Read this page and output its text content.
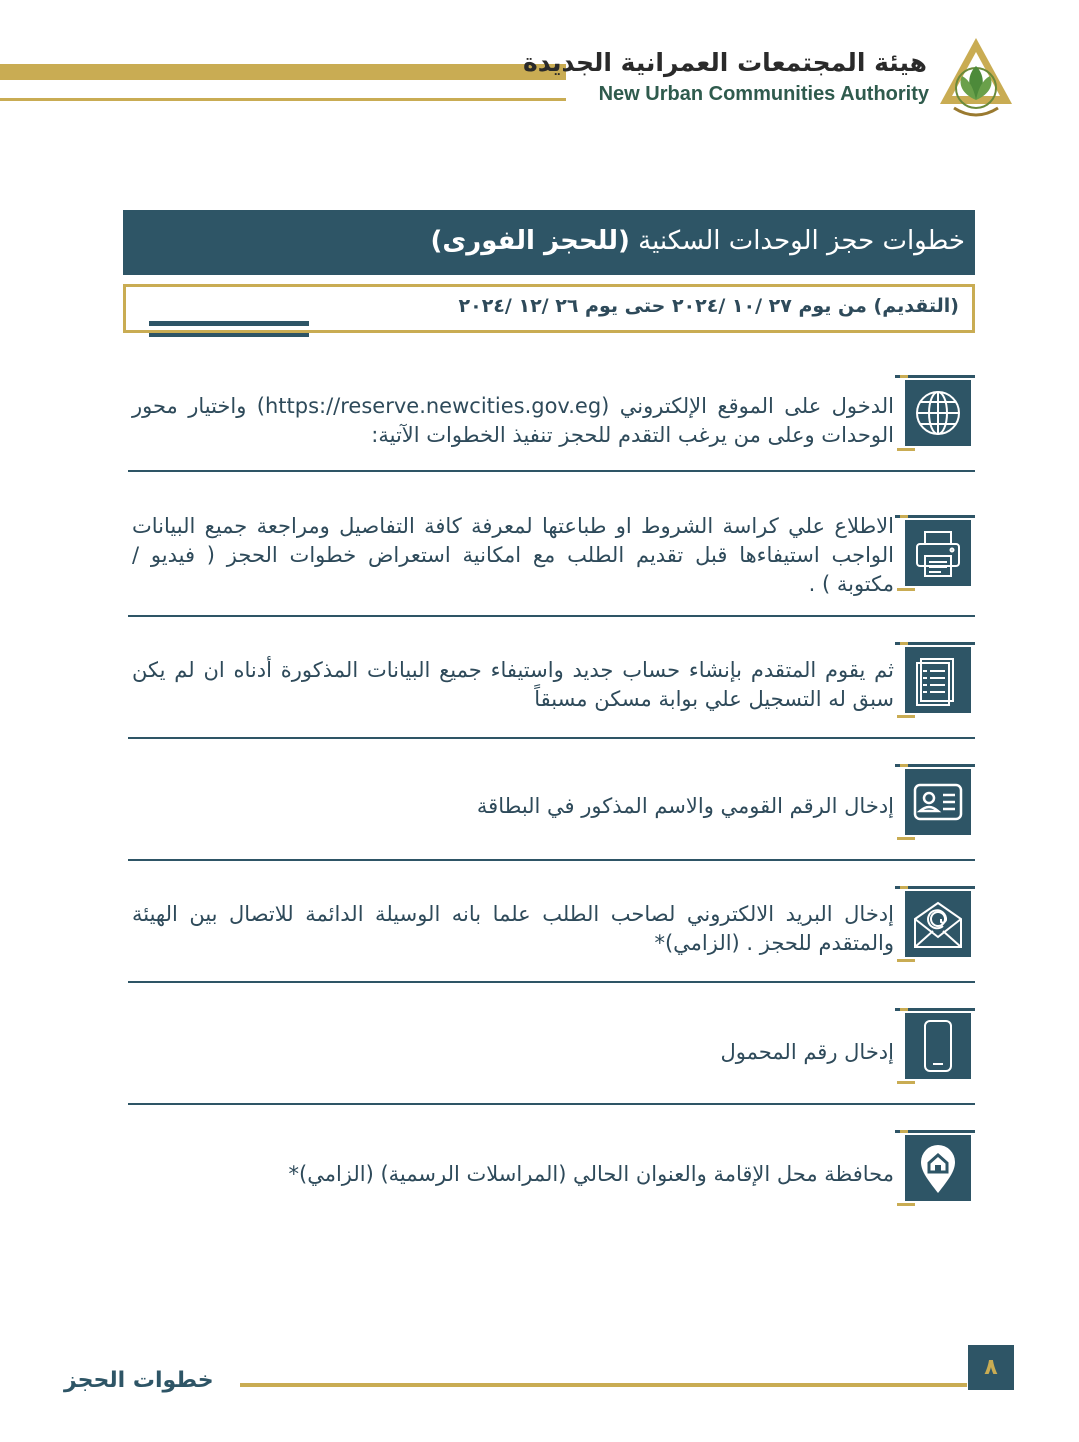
هيئة المجتمعات العمرانية الجديدة
New Urban Communities Authority
خطوات حجز الوحدات السكنية (للحجز الفورى)
(التقديم) من يوم ٢٧ /١٠ /٢٠٢٤ حتى يوم ٢٦ /١٢ /٢٠٢٤
الدخول على الموقع الإلكتروني (https://reserve.newcities.gov.eg) واختيار محور الوحدات وعلى من يرغب التقدم للحجز تنفيذ الخطوات الآتية:
الاطلاع علي كراسة الشروط او طباعتها لمعرفة كافة التفاصيل ومراجعة جميع البيانات الواجب استيفاءها قبل تقديم الطلب مع امكانية استعراض خطوات الحجز ( فيديو / مكتوبة ) .
ثم يقوم المتقدم بإنشاء حساب جديد واستيفاء جميع البيانات المذكورة أدناه ان لم يكن سبق له التسجيل علي بوابة مسكن مسبقاً
إدخال الرقم القومي والاسم المذكور في البطاقة
إدخال البريد الالكتروني لصاحب الطلب علما بانه الوسيلة الدائمة للاتصال بين الهيئة والمتقدم للحجز . (الزامي)*
إدخال رقم المحمول
محافظة محل الإقامة والعنوان الحالي (المراسلات الرسمية) (الزامي)*
خطوات الحجز
٨
